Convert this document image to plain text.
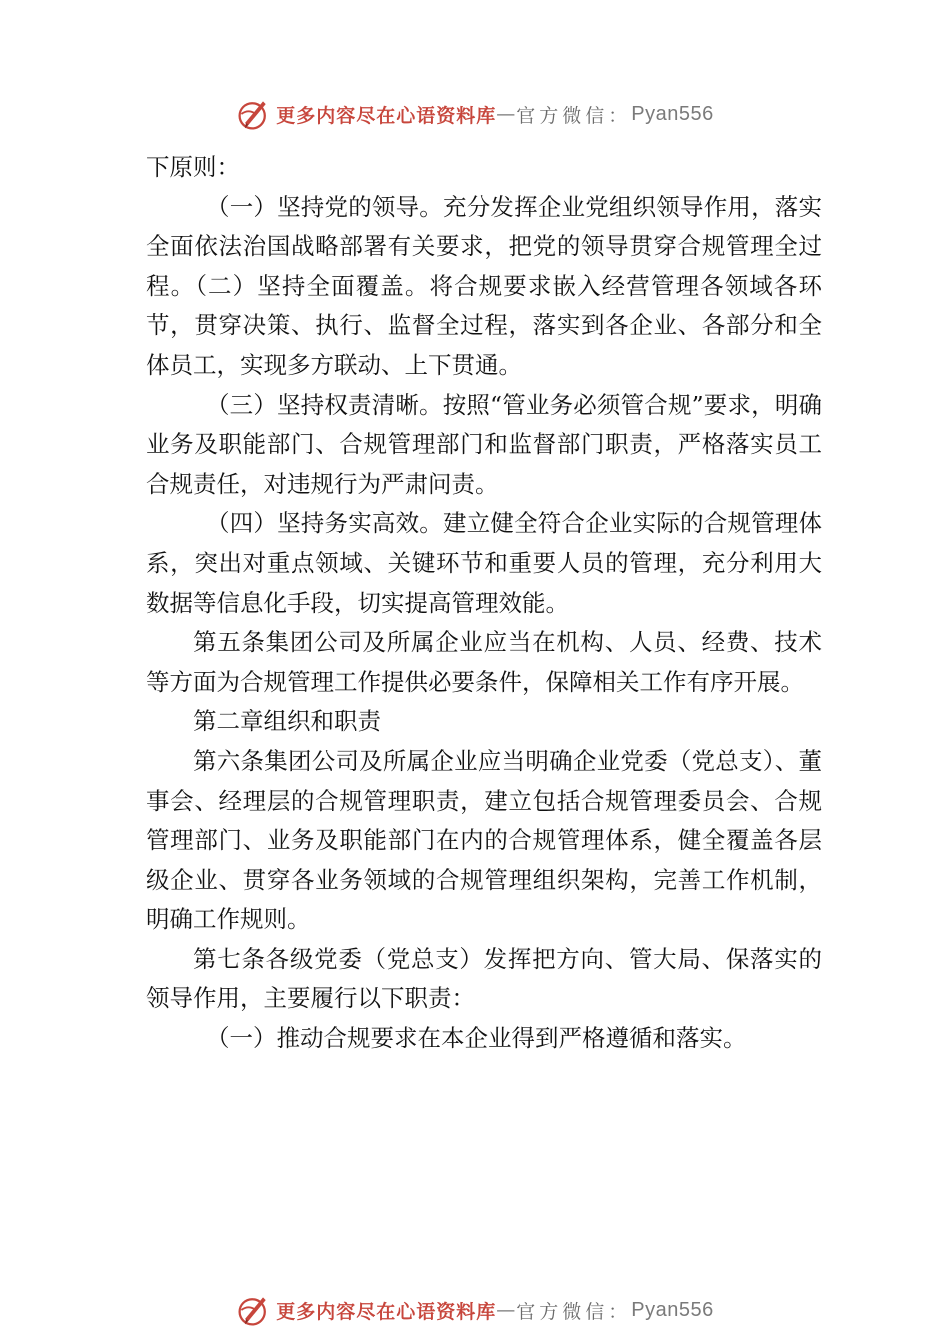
更多内容尽在心语资料库 — 官方微信： Pyan556

下原则：

（一）坚持党的领导。充分发挥企业党组织领导作用，落实全面依法治国战略部署有关要求，把党的领导贯穿合规管理全过程。（二）坚持全面覆盖。将合规要求嵌入经营管理各领域各环节，贯穿决策、执行、监督全过程，落实到各企业、各部分和全体员工，实现多方联动、上下贯通。

（三）坚持权责清晰。按照“管业务必须管合规”要求，明确业务及职能部门、合规管理部门和监督部门职责，严格落实员工合规责任，对违规行为严肃问责。

（四）坚持务实高效。建立健全符合企业实际的合规管理体系，突出对重点领域、关键环节和重要人员的管理，充分利用大数据等信息化手段，切实提高管理效能。

第五条集团公司及所属企业应当在机构、人员、经费、技术等方面为合规管理工作提供必要条件，保障相关工作有序开展。

第二章组织和职责

第六条集团公司及所属企业应当明确企业党委（党总支）、董事会、经理层的合规管理职责，建立包括合规管理委员会、合规管理部门、业务及职能部门在内的合规管理体系，健全覆盖各层级企业、贯穿各业务领域的合规管理组织架构，完善工作机制，明确工作规则。

第七条各级党委（党总支）发挥把方向、管大局、保落实的领导作用，主要履行以下职责：

（一）推动合规要求在本企业得到严格遵循和落实。

更多内容尽在心语资料库 — 官方微信： Pyan556
